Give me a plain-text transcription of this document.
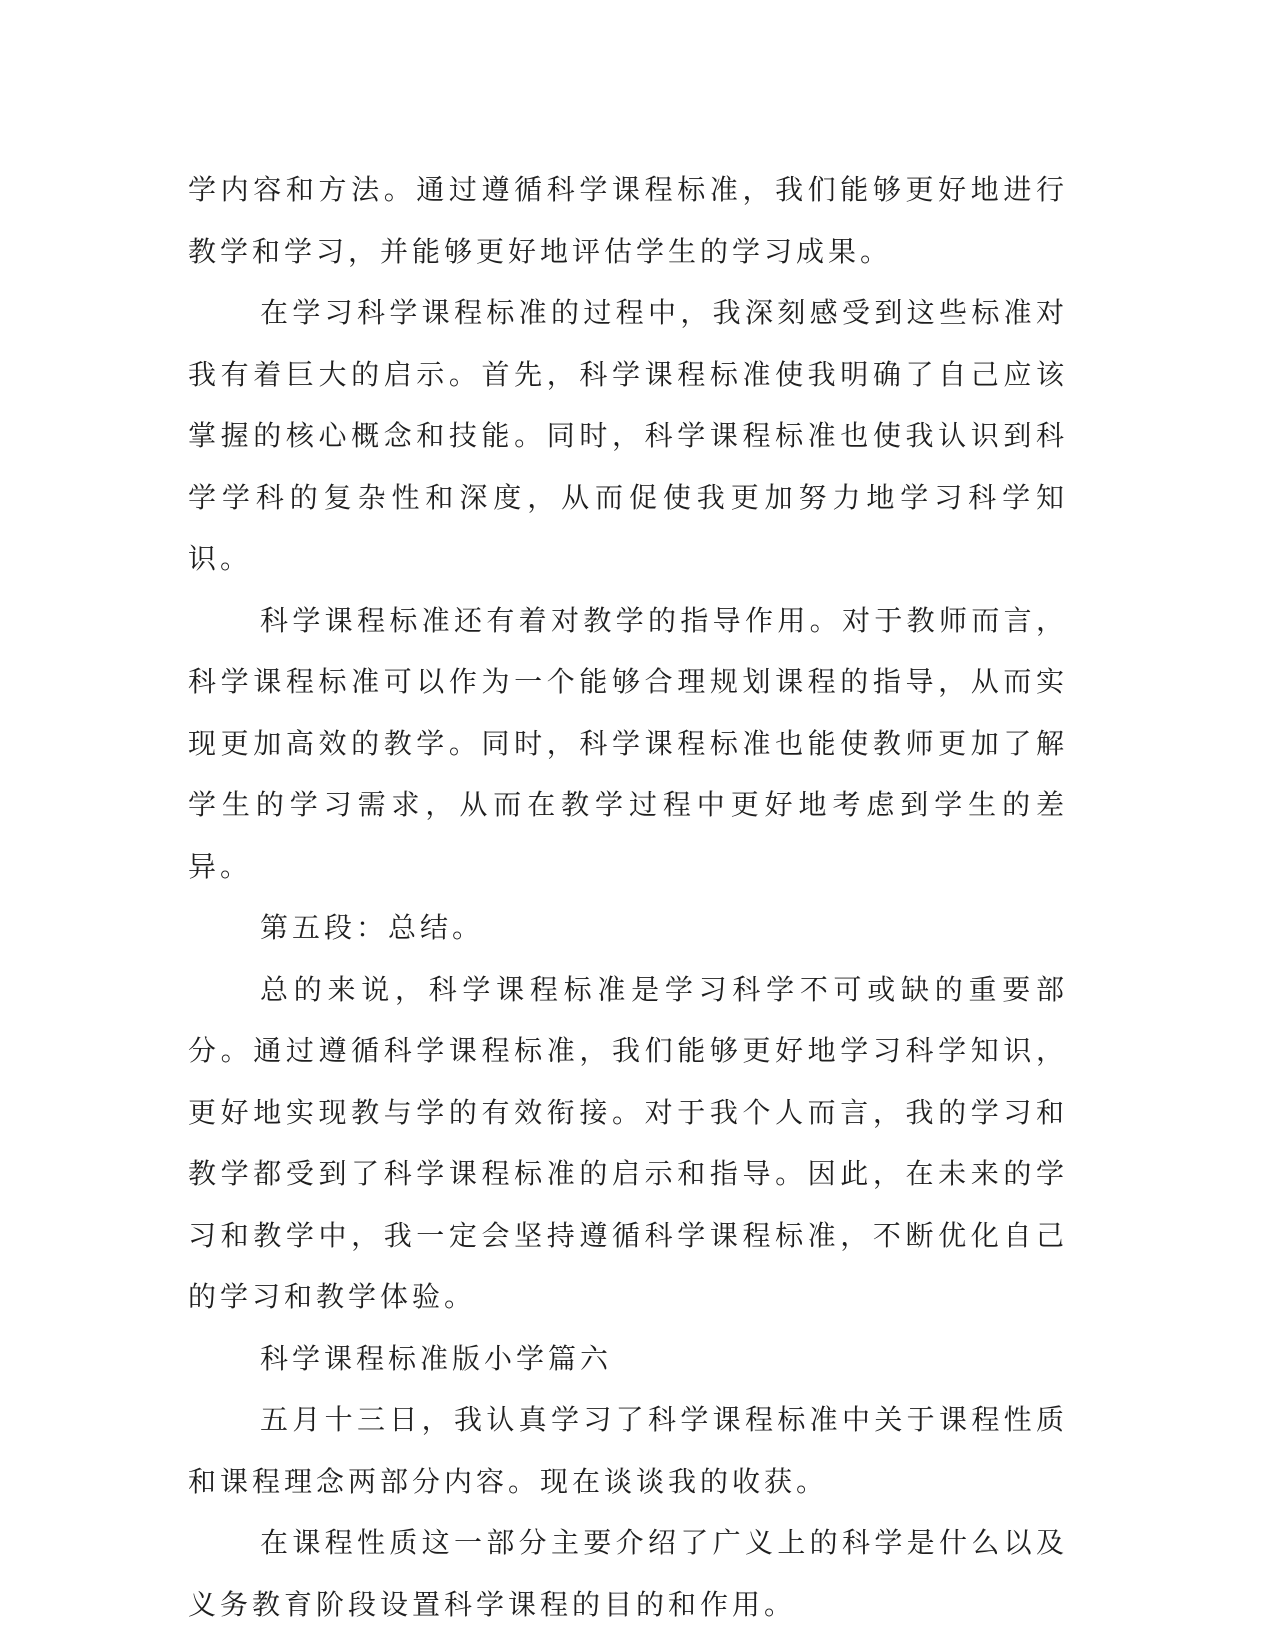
学内容和方法。通过遵循科学课程标准，我们能够更好地进行教学和学习，并能够更好地评估学生的学习成果。

在学习科学课程标准的过程中，我深刻感受到这些标准对我有着巨大的启示。首先，科学课程标准使我明确了自己应该掌握的核心概念和技能。同时，科学课程标准也使我认识到科学学科的复杂性和深度，从而促使我更加努力地学习科学知识。

科学课程标准还有着对教学的指导作用。对于教师而言，科学课程标准可以作为一个能够合理规划课程的指导，从而实现更加高效的教学。同时，科学课程标准也能使教师更加了解学生的学习需求，从而在教学过程中更好地考虑到学生的差异。

第五段：总结。

总的来说，科学课程标准是学习科学不可或缺的重要部分。通过遵循科学课程标准，我们能够更好地学习科学知识，更好地实现教与学的有效衔接。对于我个人而言，我的学习和教学都受到了科学课程标准的启示和指导。因此，在未来的学习和教学中，我一定会坚持遵循科学课程标准，不断优化自己的学习和教学体验。

科学课程标准版小学篇六

五月十三日，我认真学习了科学课程标准中关于课程性质和课程理念两部分内容。现在谈谈我的收获。

在课程性质这一部分主要介绍了广义上的科学是什么以及义务教育阶段设置科学课程的目的和作用。
